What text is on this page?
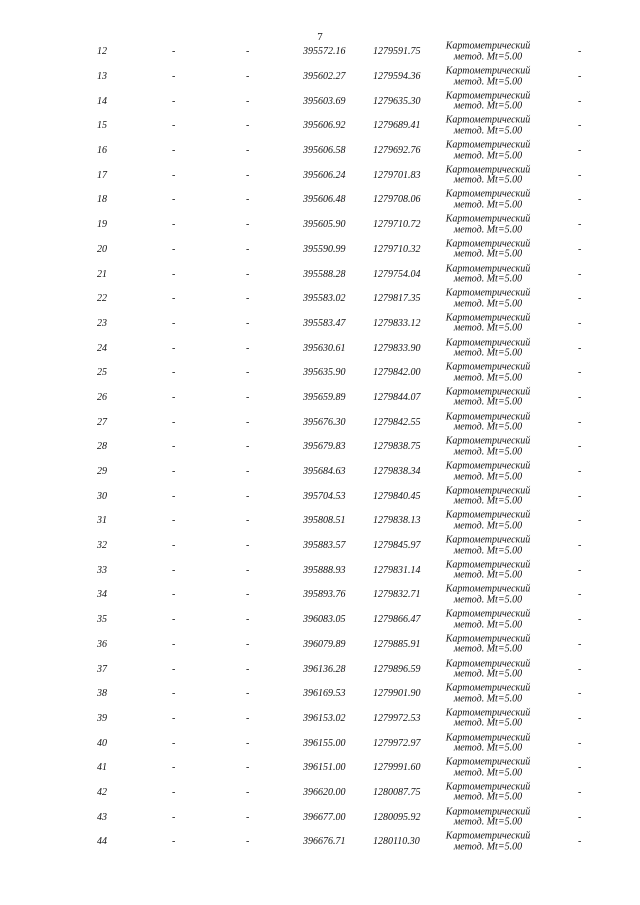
7
12	-	-	395572.16	1279591.75	Картометрический метод. Mt=5.00	-
13	-	-	395602.27	1279594.36	Картометрический метод. Mt=5.00	-
14	-	-	395603.69	1279635.30	Картометрический метод. Mt=5.00	-
15	-	-	395606.92	1279689.41	Картометрический метод. Mt=5.00	-
16	-	-	395606.58	1279692.76	Картометрический метод. Mt=5.00	-
17	-	-	395606.24	1279701.83	Картометрический метод. Mt=5.00	-
18	-	-	395606.48	1279708.06	Картометрический метод. Mt=5.00	-
19	-	-	395605.90	1279710.72	Картометрический метод. Mt=5.00	-
20	-	-	395590.99	1279710.32	Картометрический метод. Mt=5.00	-
21	-	-	395588.28	1279754.04	Картометрический метод. Mt=5.00	-
22	-	-	395583.02	1279817.35	Картометрический метод. Mt=5.00	-
23	-	-	395583.47	1279833.12	Картометрический метод. Mt=5.00	-
24	-	-	395630.61	1279833.90	Картометрический метод. Mt=5.00	-
25	-	-	395635.90	1279842.00	Картометрический метод. Mt=5.00	-
26	-	-	395659.89	1279844.07	Картометрический метод. Mt=5.00	-
27	-	-	395676.30	1279842.55	Картометрический метод. Mt=5.00	-
28	-	-	395679.83	1279838.75	Картометрический метод. Mt=5.00	-
29	-	-	395684.63	1279838.34	Картометрический метод. Mt=5.00	-
30	-	-	395704.53	1279840.45	Картометрический метод. Mt=5.00	-
31	-	-	395808.51	1279838.13	Картометрический метод. Mt=5.00	-
32	-	-	395883.57	1279845.97	Картометрический метод. Mt=5.00	-
33	-	-	395888.93	1279831.14	Картометрический метод. Mt=5.00	-
34	-	-	395893.76	1279832.71	Картометрический метод. Mt=5.00	-
35	-	-	396083.05	1279866.47	Картометрический метод. Mt=5.00	-
36	-	-	396079.89	1279885.91	Картометрический метод. Mt=5.00	-
37	-	-	396136.28	1279896.59	Картометрический метод. Mt=5.00	-
38	-	-	396169.53	1279901.90	Картометрический метод. Mt=5.00	-
39	-	-	396153.02	1279972.53	Картометрический метод. Mt=5.00	-
40	-	-	396155.00	1279972.97	Картометрический метод. Mt=5.00	-
41	-	-	396151.00	1279991.60	Картометрический метод. Mt=5.00	-
42	-	-	396620.00	1280087.75	Картометрический метод. Mt=5.00	-
43	-	-	396677.00	1280095.92	Картометрический метод. Mt=5.00	-
44	-	-	396676.71	1280110.30	Картометрический метод. Mt=5.00	-
